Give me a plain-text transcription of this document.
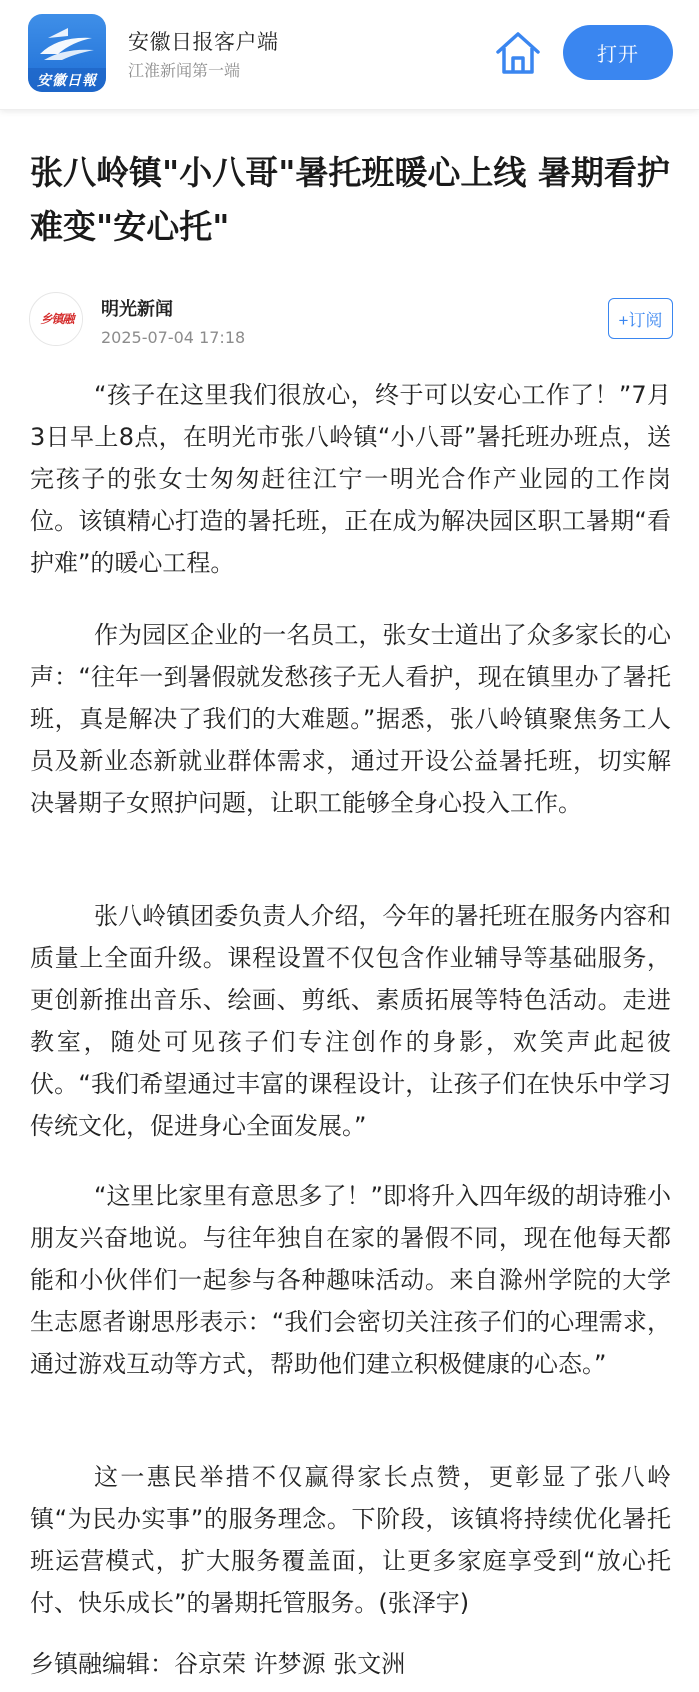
安徽日報
安徽日报客户端
江淮新闻第一端
打开
张八岭镇"小八哥"暑托班暖心上线 暑期看护难变"安心托"
乡镇融	明光新闻
2025-07-04 17:18
+订阅

“孩子在这里我们很放心，终于可以安心工作了！”7月3日早上8点，在明光市张八岭镇“小八哥”暑托班办班点，送完孩子的张女士匆匆赶往江宁一明光合作产业园的工作岗位。该镇精心打造的暑托班，正在成为解决园区职工暑期“看护难”的暖心工程。

作为园区企业的一名员工，张女士道出了众多家长的心声：“往年一到暑假就发愁孩子无人看护，现在镇里办了暑托班，真是解决了我们的大难题。”据悉，张八岭镇聚焦务工人员及新业态新就业群体需求，通过开设公益暑托班，切实解决暑期子女照护问题，让职工能够全身心投入工作。

张八岭镇团委负责人介绍，今年的暑托班在服务内容和质量上全面升级。课程设置不仅包含作业辅导等基础服务，更创新推出音乐、绘画、剪纸、素质拓展等特色活动。走进教室，随处可见孩子们专注创作的身影，欢笑声此起彼伏。“我们希望通过丰富的课程设计，让孩子们在快乐中学习传统文化，促进身心全面发展。”

“这里比家里有意思多了！”即将升入四年级的胡诗雅小朋友兴奋地说。与往年独自在家的暑假不同，现在他每天都能和小伙伴们一起参与各种趣味活动。来自滁州学院的大学生志愿者谢思彤表示：“我们会密切关注孩子们的心理需求，通过游戏互动等方式，帮助他们建立积极健康的心态。”

这一惠民举措不仅赢得家长点赞，更彰显了张八岭镇“为民办实事”的服务理念。下阶段，该镇将持续优化暑托班运营模式，扩大服务覆盖面，让更多家庭享受到“放心托付、快乐成长”的暑期托管服务。(张泽宇)

乡镇融编辑：谷京荣 许梦源 张文洲
